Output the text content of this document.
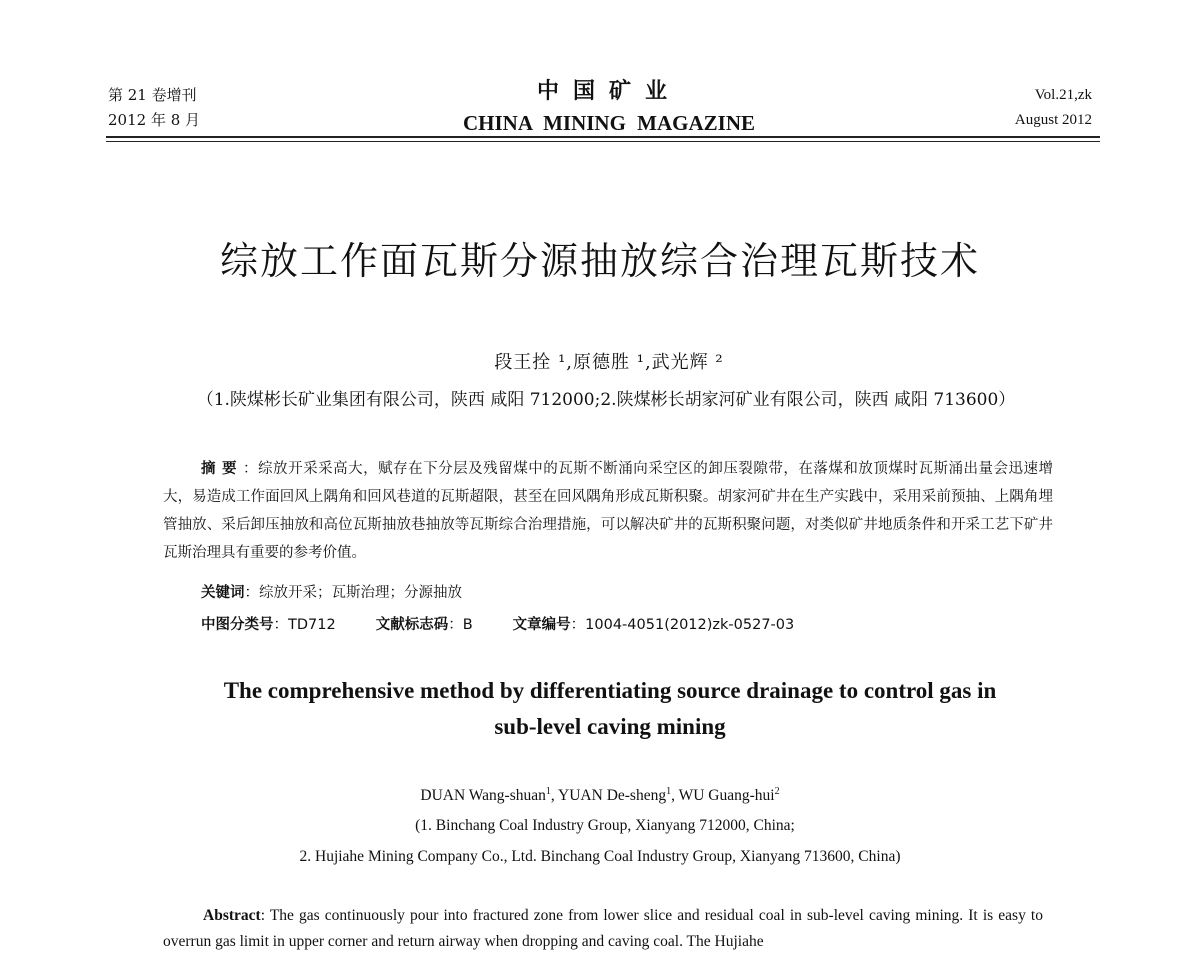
第 21 卷增刊
2012 年 8 月
中国矿业
CHINA MINING MAGAZINE
Vol.21,zk
August 2012
综放工作面瓦斯分源抽放综合治理瓦斯技术
段王拴 ¹,原德胜 ¹,武光辉 ²
（1.陕煤彬长矿业集团有限公司，陕西 咸阳 712000;2.陕煤彬长胡家河矿业有限公司，陕西 咸阳 713600）

摘要：综放开采采高大，赋存在下分层及残留煤中的瓦斯不断涌向采空区的卸压裂隙带，在落煤和放顶煤时瓦斯涌出量会迅速增大，易造成工作面回风上隅角和回风巷道的瓦斯超限，甚至在回风隅角形成瓦斯积聚。胡家河矿井在生产实践中，采用采前预抽、上隅角埋管抽放、采后卸压抽放和高位瓦斯抽放巷抽放等瓦斯综合治理措施，可以解决矿井的瓦斯积聚问题，对类似矿井地质条件和开采工艺下矿井瓦斯治理具有重要的参考价值。

关键词：综放开采；瓦斯治理；分源抽放
中图分类号：TD712	文献标志码：B	文章编号：1004-4051(2012)zk-0527-03
The comprehensive method by differentiating source drainage to control gas in
sub-level caving mining
DUAN Wang-shuan$^1$, YUAN De-sheng$^1$, WU Guang-hui$^2$
(1. Binchang Coal Industry Group, Xianyang 712000, China;
2. Hujiahe Mining Company Co., Ltd. Binchang Coal Industry Group, Xianyang 713600, China)

Abstract: The gas continuously pour into fractured zone from lower slice and residual coal in sub-level caving mining. It is easy to overrun gas limit in upper corner and return airway when dropping and caving coal. The Hujiahe
